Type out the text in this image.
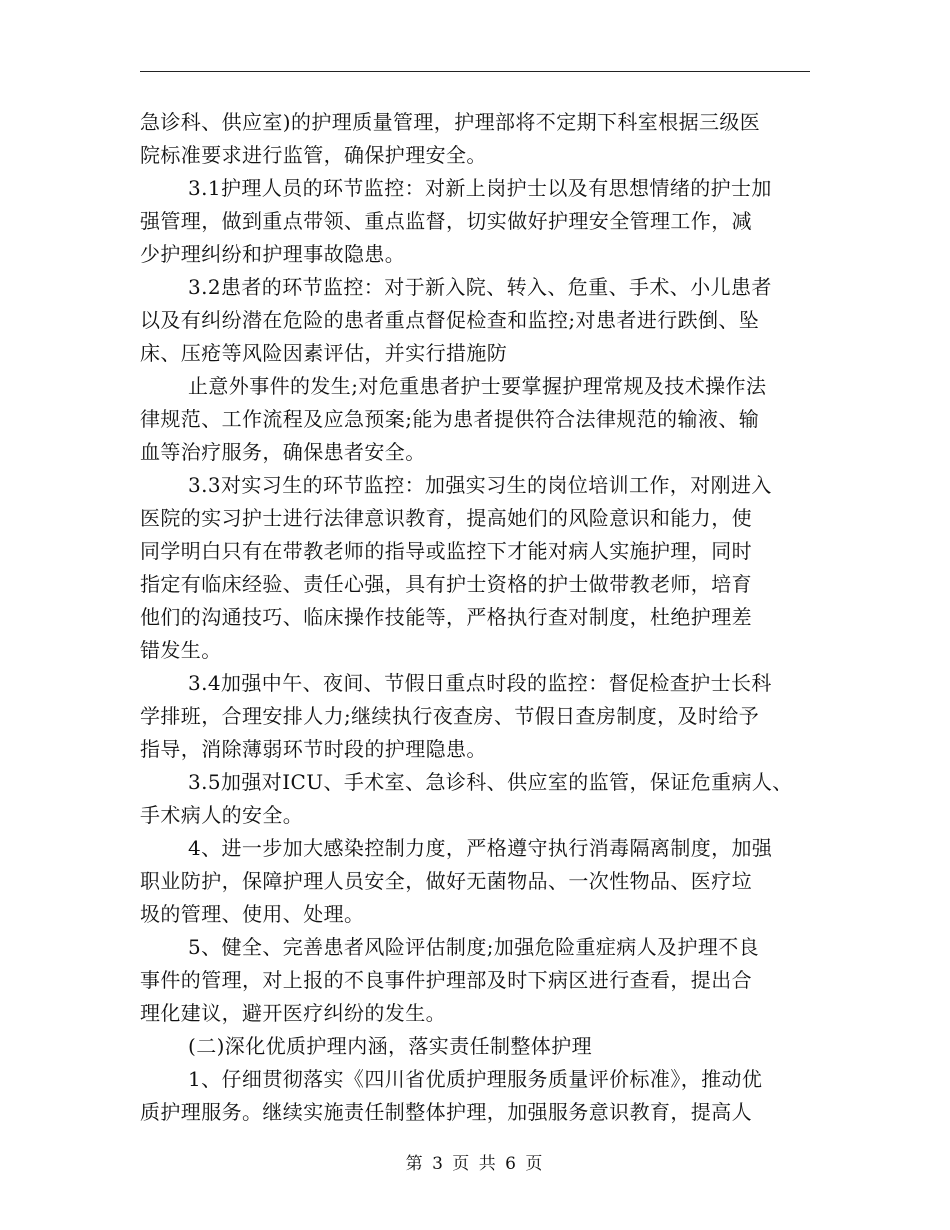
急诊科、供应室)的护理质量管理，护理部将不定期下科室根据三级医
院标准要求进行监管，确保护理安全。
3.1护理人员的环节监控：对新上岗护士以及有思想情绪的护士加
强管理，做到重点带领、重点监督，切实做好护理安全管理工作，减
少护理纠纷和护理事故隐患。
3.2患者的环节监控：对于新入院、转入、危重、手术、小儿患者
以及有纠纷潜在危险的患者重点督促检查和监控;对患者进行跌倒、坠
床、压疮等风险因素评估，并实行措施防
止意外事件的发生;对危重患者护士要掌握护理常规及技术操作法
律规范、工作流程及应急预案;能为患者提供符合法律规范的输液、输
血等治疗服务，确保患者安全。
3.3对实习生的环节监控：加强实习生的岗位培训工作，对刚进入
医院的实习护士进行法律意识教育，提高她们的风险意识和能力，使
同学明白只有在带教老师的指导或监控下才能对病人实施护理，同时
指定有临床经验、责任心强，具有护士资格的护士做带教老师，培育
他们的沟通技巧、临床操作技能等，严格执行查对制度，杜绝护理差
错发生。
3.4加强中午、夜间、节假日重点时段的监控：督促检查护士长科
学排班，合理安排人力;继续执行夜查房、节假日查房制度，及时给予
指导，消除薄弱环节时段的护理隐患。
3.5加强对ICU、手术室、急诊科、供应室的监管，保证危重病人、
手术病人的安全。
4、进一步加大感染控制力度，严格遵守执行消毒隔离制度，加强
职业防护，保障护理人员安全，做好无菌物品、一次性物品、医疗垃
圾的管理、使用、处理。
5、健全、完善患者风险评估制度;加强危险重症病人及护理不良
事件的管理，对上报的不良事件护理部及时下病区进行查看，提出合
理化建议，避开医疗纠纷的发生。
(二)深化优质护理内涵，落实责任制整体护理
1、仔细贯彻落实《四川省优质护理服务质量评价标准》，推动优
质护理服务。继续实施责任制整体护理，加强服务意识教育，提高人
第 3 页 共 6 页
